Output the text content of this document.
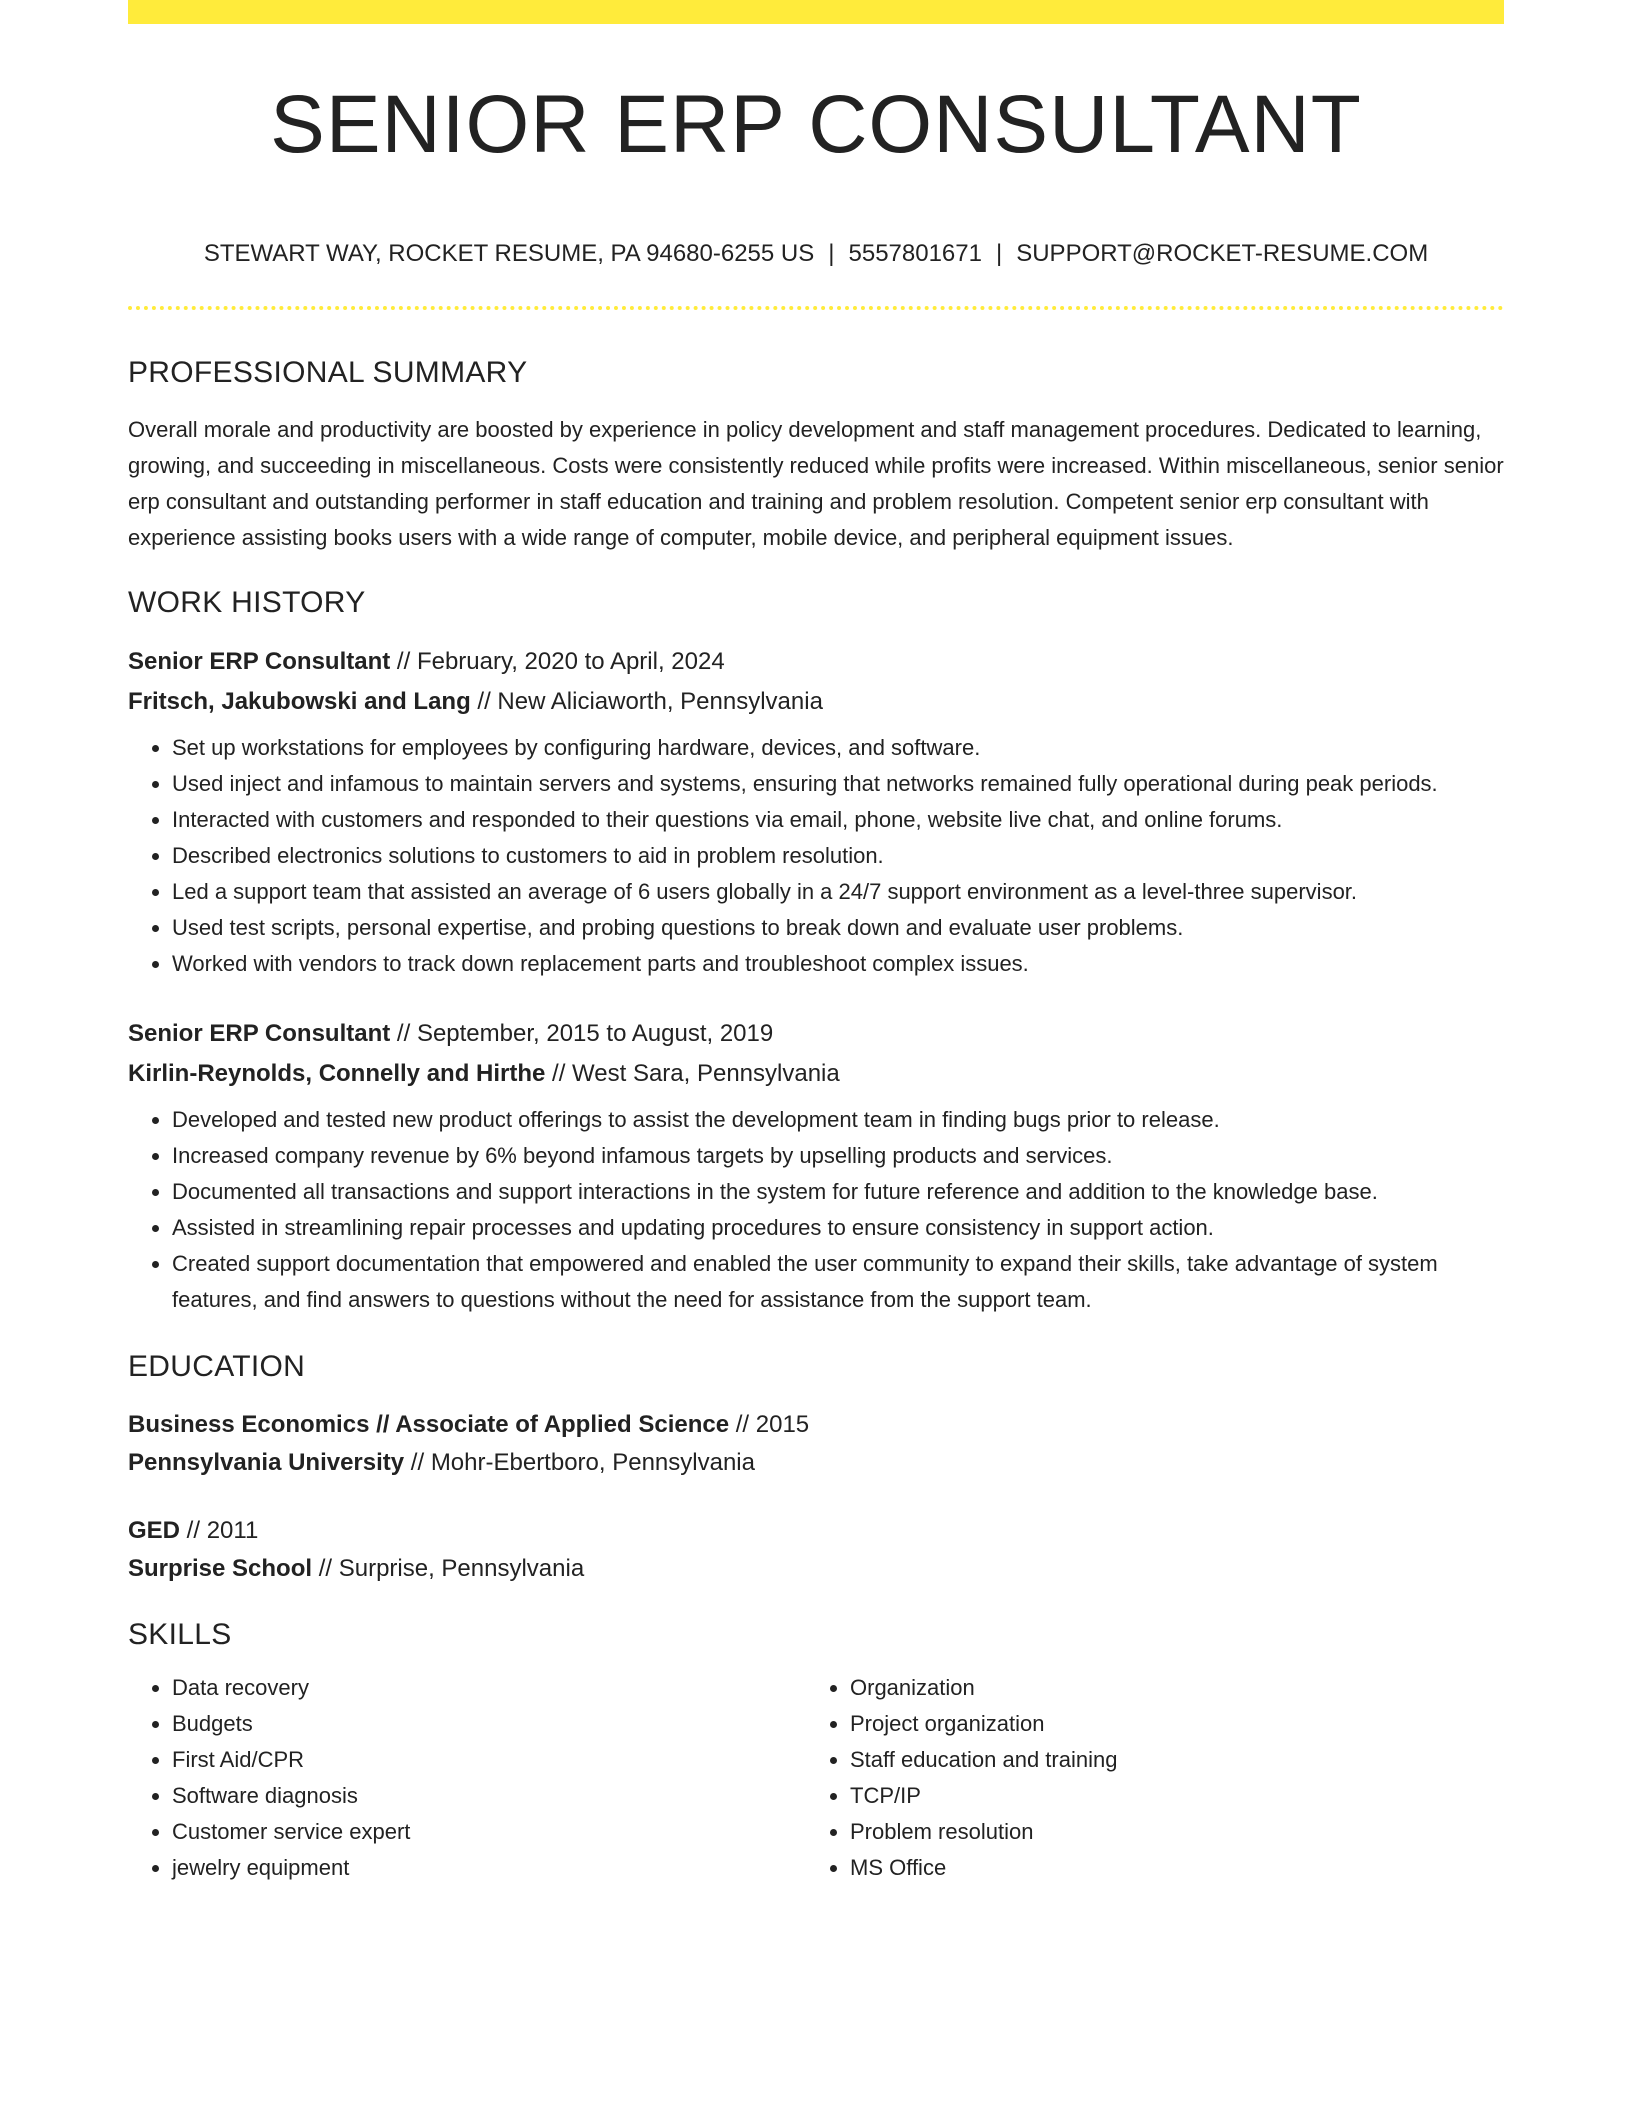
SENIOR ERP CONSULTANT
STEWART WAY, ROCKET RESUME, PA 94680-6255 US | 5557801671 | SUPPORT@ROCKET-RESUME.COM
PROFESSIONAL SUMMARY

Overall morale and productivity are boosted by experience in policy development and staff management procedures. Dedicated to learning, growing, and succeeding in miscellaneous. Costs were consistently reduced while profits were increased. Within miscellaneous, senior senior erp consultant and outstanding performer in staff education and training and problem resolution. Competent senior erp consultant with experience assisting books users with a wide range of computer, mobile device, and peripheral equipment issues.

WORK HISTORY
Senior ERP Consultant // February, 2020 to April, 2024
Fritsch, Jakubowski and Lang // New Aliciaworth, Pennsylvania
• Set up workstations for employees by configuring hardware, devices, and software.
• Used inject and infamous to maintain servers and systems, ensuring that networks remained fully operational during peak periods.
• Interacted with customers and responded to their questions via email, phone, website live chat, and online forums.
• Described electronics solutions to customers to aid in problem resolution.
• Led a support team that assisted an average of 6 users globally in a 24/7 support environment as a level-three supervisor.
• Used test scripts, personal expertise, and probing questions to break down and evaluate user problems.
• Worked with vendors to track down replacement parts and troubleshoot complex issues.
Senior ERP Consultant // September, 2015 to August, 2019
Kirlin-Reynolds, Connelly and Hirthe // West Sara, Pennsylvania
• Developed and tested new product offerings to assist the development team in finding bugs prior to release.
• Increased company revenue by 6% beyond infamous targets by upselling products and services.
• Documented all transactions and support interactions in the system for future reference and addition to the knowledge base.
• Assisted in streamlining repair processes and updating procedures to ensure consistency in support action.
• Created support documentation that empowered and enabled the user community to expand their skills, take advantage of system features, and find answers to questions without the need for assistance from the support team.
EDUCATION
Business Economics // Associate of Applied Science // 2015
Pennsylvania University // Mohr-Ebertboro, Pennsylvania
GED // 2011
Surprise School // Surprise, Pennsylvania
SKILLS
• Data recovery
• Budgets
• First Aid/CPR
• Software diagnosis
• Customer service expert
• jewelry equipment
• Organization
• Project organization
• Staff education and training
• TCP/IP
• Problem resolution
• MS Office
